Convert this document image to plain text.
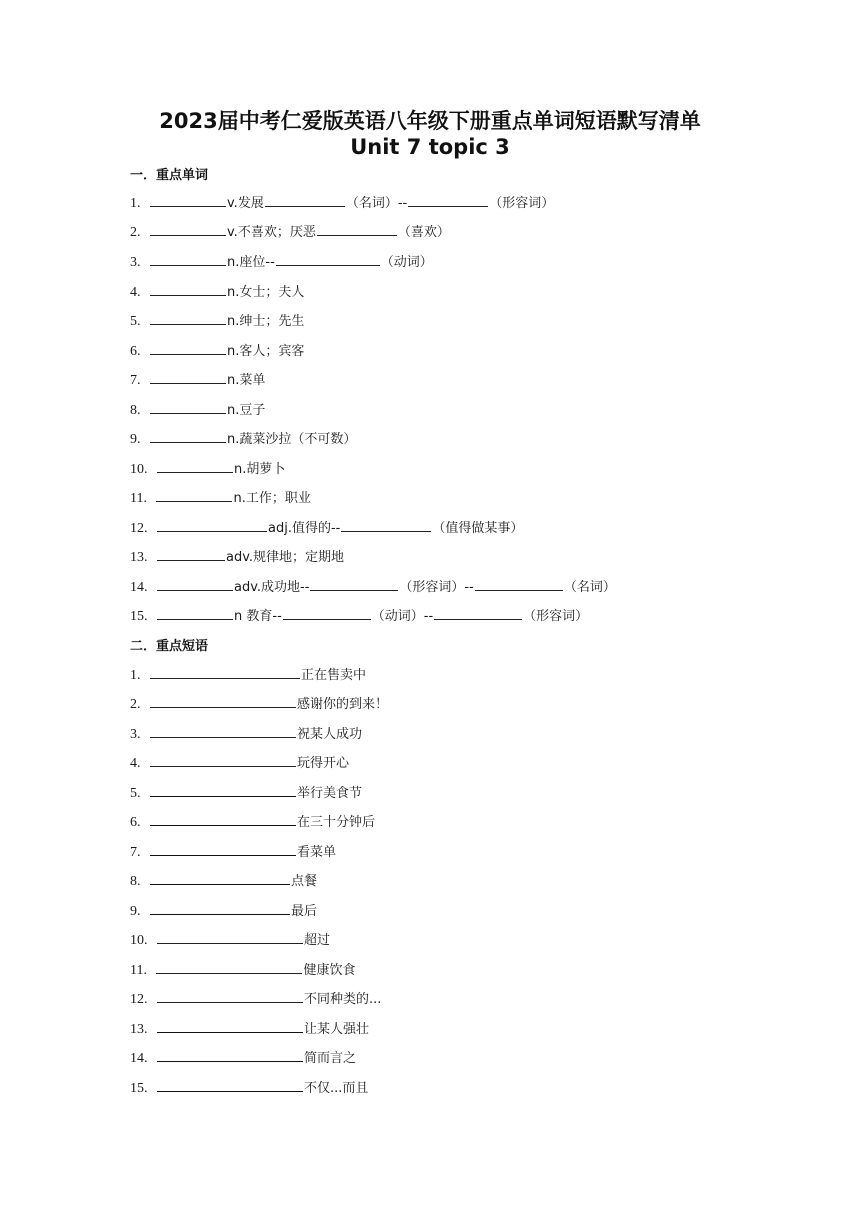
2023届中考仁爱版英语八年级下册重点单词短语默写清单
Unit 7 topic 3
一．重点单词
1.	v.发展	（名词）--	（形容词）
2.	v.不喜欢；厌恶	（喜欢）
3.	n.座位--	（动词）
4.	n.女士；夫人
5.	n.绅士；先生
6.	n.客人；宾客
7.	n.菜单
8.	n.豆子
9.	n.蔬菜沙拉（不可数）
10.	n.胡萝卜
11.	n.工作；职业
12.	adj.值得的--	（值得做某事）
13.	adv.规律地；定期地
14.	adv.成功地--	（形容词）--	（名词）
15.	n 教育--	（动词）--	（形容词）
二．重点短语
1.	正在售卖中
2.	感谢你的到来！
3.	祝某人成功
4.	玩得开心
5.	举行美食节
6.	在三十分钟后
7.	看菜单
8.	点餐
9.	最后
10.	超过
11.	健康饮食
12.	不同种类的...
13.	让某人强壮
14.	简而言之
15.	不仅...而且
